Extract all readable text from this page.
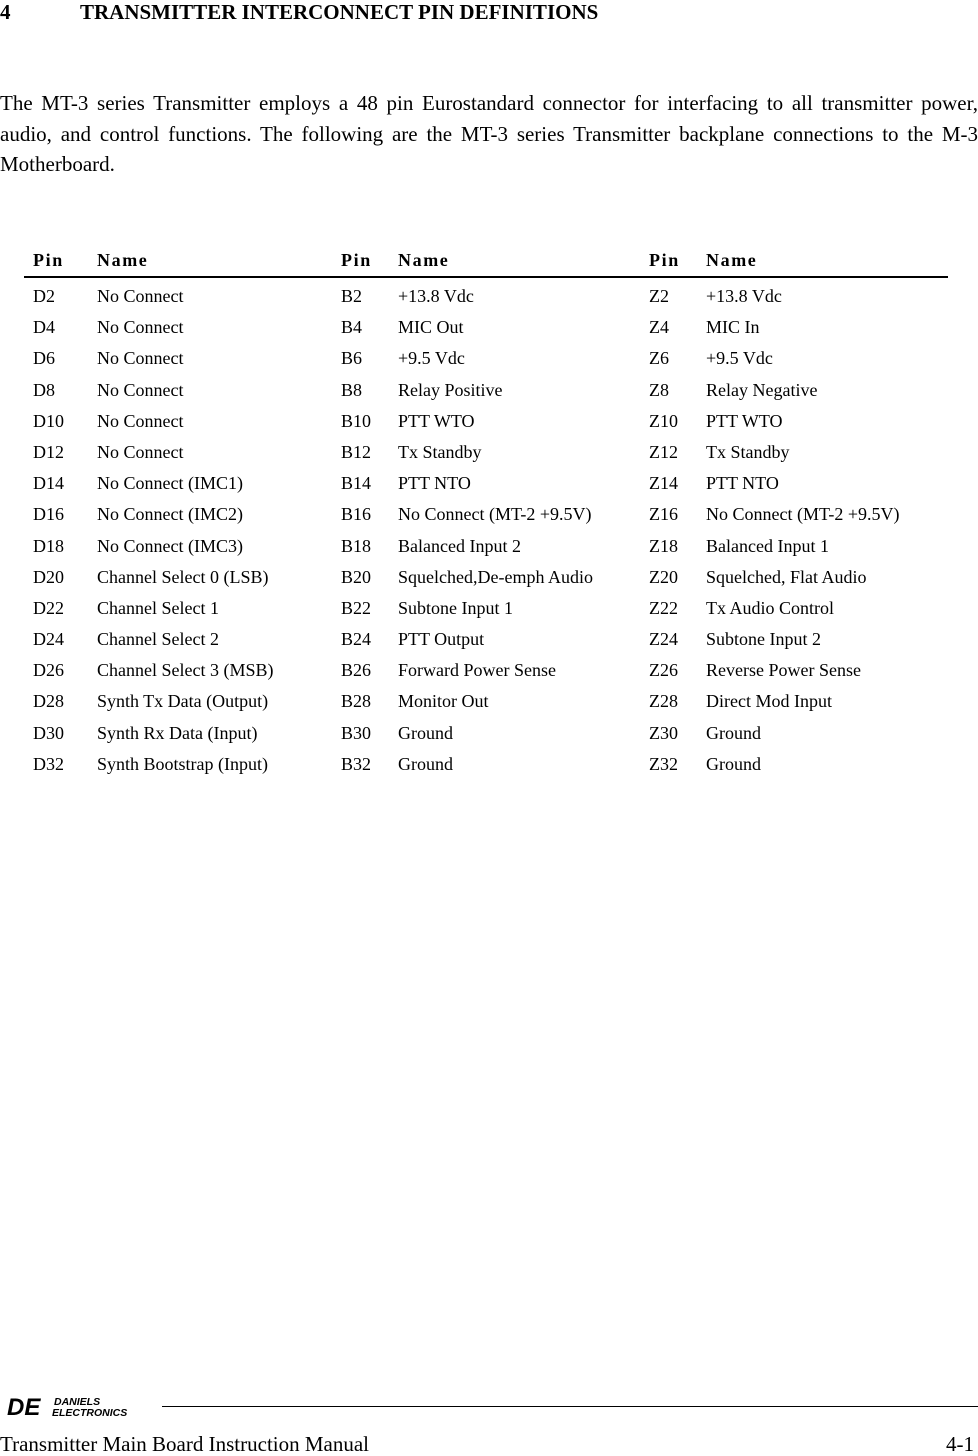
4	TRANSMITTER INTERCONNECT PIN DEFINITIONS

The MT-3 series Transmitter employs a 48 pin Eurostandard connector for interfacing to all transmitter power, audio, and control functions. The following are the MT-3 series Transmitter backplane connections to the M-3 Motherboard.

Pin Name	Pin Name	Pin Name
D2 No Connect	B2 +13.8 Vdc	Z2 +13.8 Vdc
D4 No Connect	B4 MIC Out	Z4 MIC In
D6 No Connect	B6 +9.5 Vdc	Z6 +9.5 Vdc
D8 No Connect	B8 Relay Positive	Z8 Relay Negative
D10 No Connect	B10 PTT WTO	Z10 PTT WTO
D12 No Connect	B12 Tx Standby	Z12 Tx Standby
D14 No Connect (IMC1)	B14 PTT NTO	Z14 PTT NTO
D16 No Connect (IMC2)	B16 No Connect (MT-2 +9.5V)	Z16 No Connect (MT-2 +9.5V)
D18 No Connect (IMC3)	B18 Balanced Input 2	Z18 Balanced Input 1
D20 Channel Select 0 (LSB)	B20 Squelched,De-emph Audio	Z20 Squelched, Flat Audio
D22 Channel Select 1	B22 Subtone Input 1	Z22 Tx Audio Control
D24 Channel Select 2	B24 PTT Output	Z24 Subtone Input 2
D26 Channel Select 3 (MSB)	B26 Forward Power Sense	Z26 Reverse Power Sense
D28 Synth Tx Data (Output)	B28 Monitor Out	Z28 Direct Mod Input
D30 Synth Rx Data (Input)	B30 Ground	Z30 Ground
D32 Synth Bootstrap (Input)	B32 Ground	Z32 Ground
DE DANIELS
ELECTRONICS
Transmitter Main Board Instruction Manual	4-1
